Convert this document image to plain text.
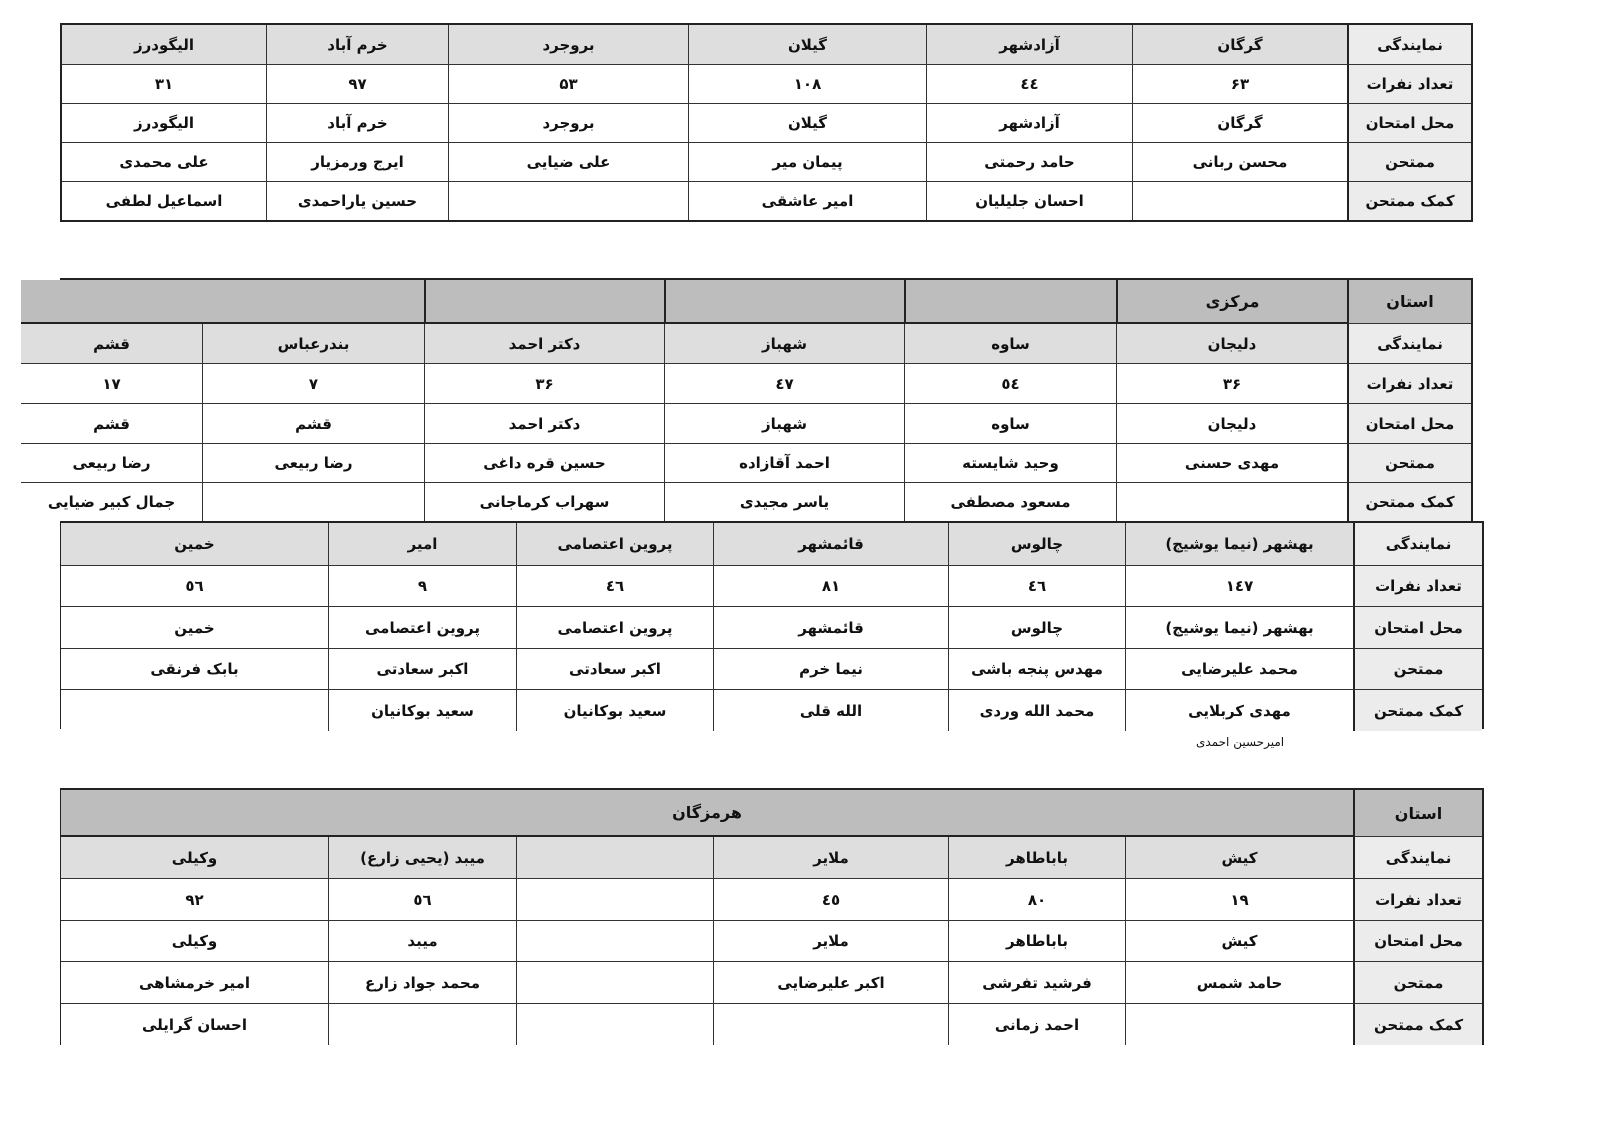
نمایندگی
گرگان
آزادشهر
گیلان
بروجرد
خرم آباد
الیگودرز
تعداد نفرات
۶۳
٤٤
۱۰۸
۵۳
۹۷
۳۱
محل امتحان
گرگان
آزادشهر
گیلان
بروجرد
خرم آباد
الیگودرز
ممتحن
محسن ربانی
حامد رحمتی
پیمان میر
علی ضیایی
ایرج ورمزیار
علی محمدی
کمک ممتحن
احسان جلیلیان
امیر عاشقی
حسین یاراحمدی
اسماعیل لطفی
استان
مرکزی
نمایندگی
دلیجان
ساوه
شهباز
دکتر احمد
بندرعباس
قشم
تعداد نفرات
۳۶
٥٤
٤٧
۳۶
۷
۱۷
محل امتحان
دلیجان
ساوه
شهباز
دکتر احمد
قشم
قشم
ممتحن
مهدی حسنی
وحید شایسته
احمد آقازاده
حسین قره داغی
رضا ربیعی
رضا ربیعی
کمک ممتحن
مسعود مصطفی
یاسر مجیدی
سهراب کرماجانی
جمال کبیر ضیایی
نمایندگی
بهشهر (نیما یوشیج)
چالوس
قائمشهر
پروین اعتصامی
امیر
خمین
تعداد نفرات
۱٤۷
٤٦
۸۱
٤٦
۹
٥٦
محل امتحان
بهشهر (نیما یوشیج)
چالوس
قائمشهر
پروین اعتصامی
پروین اعتصامی
خمین
ممتحن
محمد علیرضایی
مهدس پنجه باشی
نیما خرم
اکبر سعادتی
اکبر سعادتی
بابک فرنقی
کمک ممتحن
مهدی کربلایی
محمد الله وردی
الله قلی
سعید بوکانیان
سعید بوکانیان
امیرحسین احمدی
استان
هرمزگان
نمایندگی
کیش
باباطاهر
ملایر
میبد (یحیی زارع)
وکیلی
تعداد نفرات
۱۹
۸۰
٤٥
٥٦
۹۲
محل امتحان
کیش
باباطاهر
ملایر
میبد
وکیلی
ممتحن
حامد شمس
فرشید تفرشی
اکبر علیرضایی
محمد جواد زارع
امیر خرمشاهی
کمک ممتحن
احمد زمانی
احسان گرایلی
